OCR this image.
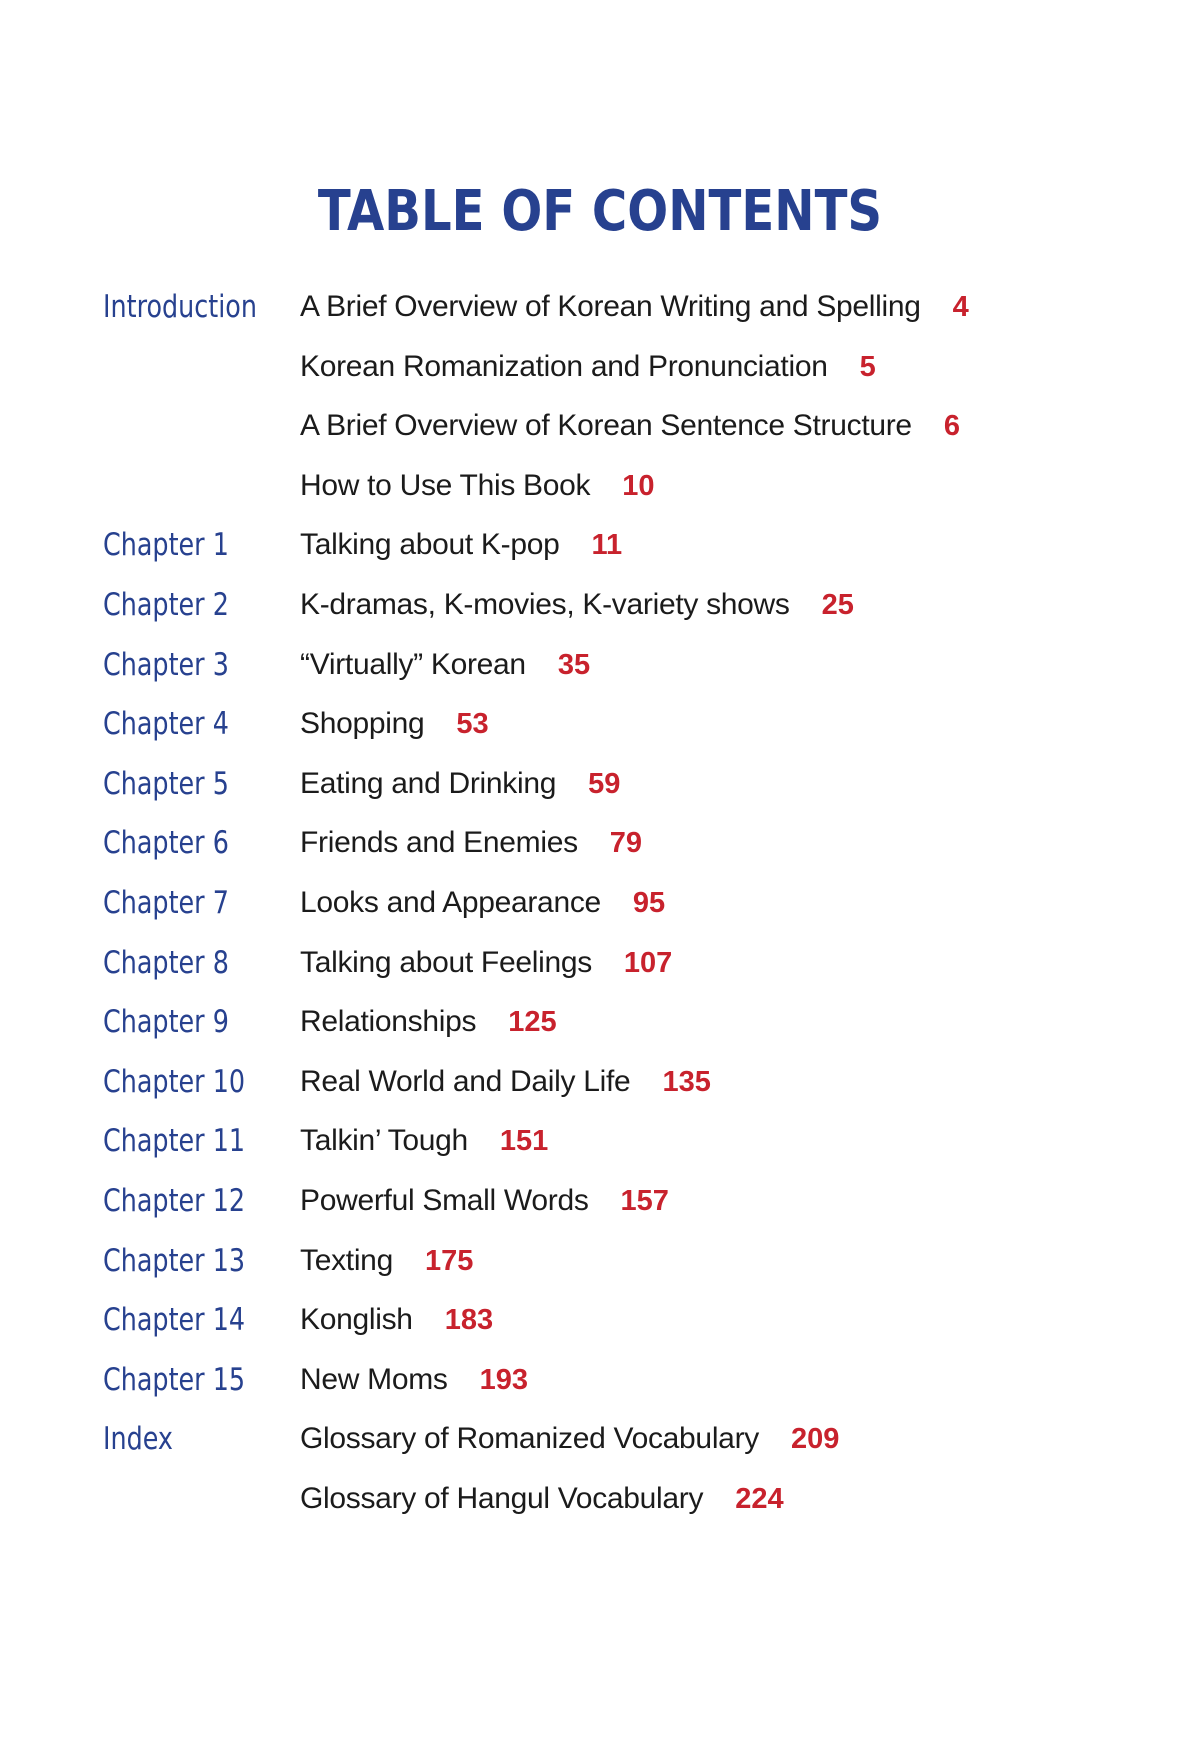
TABLE OF CONTENTS
Introduction A Brief Overview of Korean Writing and Spelling 4
Korean Romanization and Pronunciation 5
A Brief Overview of Korean Sentence Structure 6
How to Use This Book 10
Chapter 1 Talking about K-pop 11
Chapter 2 K-dramas, K-movies, K-variety shows 25
Chapter 3 “Virtually” Korean 35
Chapter 4 Shopping 53
Chapter 5 Eating and Drinking 59
Chapter 6 Friends and Enemies 79
Chapter 7 Looks and Appearance 95
Chapter 8 Talking about Feelings 107
Chapter 9 Relationships 125
Chapter 10 Real World and Daily Life 135
Chapter 11 Talkin’ Tough 151
Chapter 12 Powerful Small Words 157
Chapter 13 Texting 175
Chapter 14 Konglish 183
Chapter 15 New Moms 193
Index	Glossary of Romanized Vocabulary 209
Glossary of Hangul Vocabulary 224
